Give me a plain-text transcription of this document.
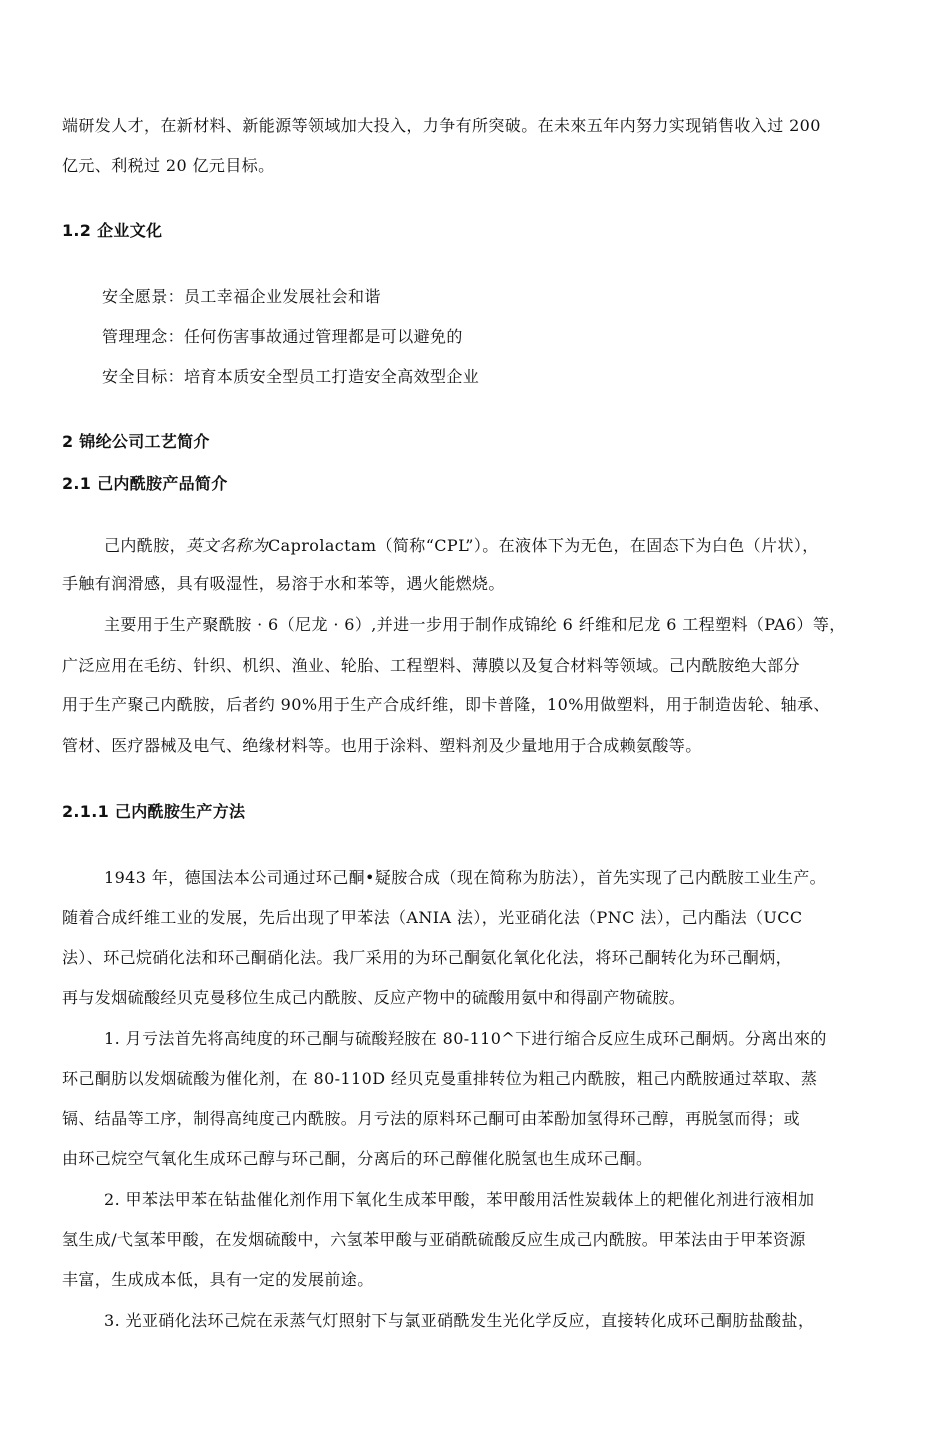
端研发人才，在新材料、新能源等领域加大投入，力争有所突破。在未來五年内努力实现销售收入过 200
亿元、利税过 20 亿元目标。
1.2 企业文化
安全愿景：员工幸福企业发展社会和谐
管理理念：任何伤害事故通过管理都是可以避免的
安全目标：培育本质安全型员工打造安全高效型企业
2 锦纶公司工艺简介
2.1 己内酰胺产品简介
己内酰胺，英文名称为Caprolactam（简称“CPL”）。在液体下为无色，在固态下为白色（片状），
手触有润滑感，具有吸湿性，易溶于水和苯等，遇火能燃烧。
主要用于生产聚酰胺 · 6（尼龙 · 6）,并进一步用于制作成锦纶 6 纤维和尼龙 6 工程塑料（PA6）等，
广泛应用在毛纺、针织、机织、渔业、轮胎、工程塑料、薄膜以及复合材料等领域。己内酰胺绝大部分
用于生产聚己内酰胺，后者约 90%用于生产合成纤维，即卡普隆，10%用做塑料，用于制造齿轮、轴承、
管材、医疗器械及电气、绝缘材料等。也用于涂料、塑料剂及少量地用于合成赖氨酸等。
2.1.1 己内酰胺生产方法
1943 年，德国法本公司通过环己酮•疑胺合成（现在简称为肪法），首先实现了己内酰胺工业生产。
随着合成纤维工业的发展，先后出现了甲苯法（ANIA 法），光亚硝化法（PNC 法），己内酯法（UCC
法）、环己烷硝化法和环己酮硝化法。我厂采用的为环己酮氨化氧化化法，将环己酮转化为环己酮炳，
再与发烟硫酸经贝克曼移位生成己内酰胺、反应产物中的硫酸用氨中和得副产物硫胺。
1. 月亏法首先将高纯度的环己酮与硫酸羟胺在 80-110^下进行缩合反应生成环己酮炳。分离出來的
环己酮肪以发烟硫酸为催化剂，在 80-110D 经贝克曼重排转位为粗己内酰胺，粗己内酰胺通过萃取、蒸
镉、结晶等工序，制得高纯度己内酰胺。月亏法的原料环己酮可由苯酚加氢得环己醇，再脱氢而得；或
由环己烷空气氧化生成环己醇与环己酮，分离后的环己醇催化脱氢也生成环己酮。
2. 甲苯法甲苯在钻盐催化剂作用下氧化生成苯甲酸，苯甲酸用活性炭载体上的耙催化剂进行液相加
氢生成/弋氢苯甲酸，在发烟硫酸中，六氢苯甲酸与亚硝酰硫酸反应生成己内酰胺。甲苯法由于甲苯资源
丰富，生成成本低，具有一定的发展前途。
3. 光亚硝化法环己烷在汞蒸气灯照射下与氯亚硝酰发生光化学反应，直接转化成环己酮肪盐酸盐，
